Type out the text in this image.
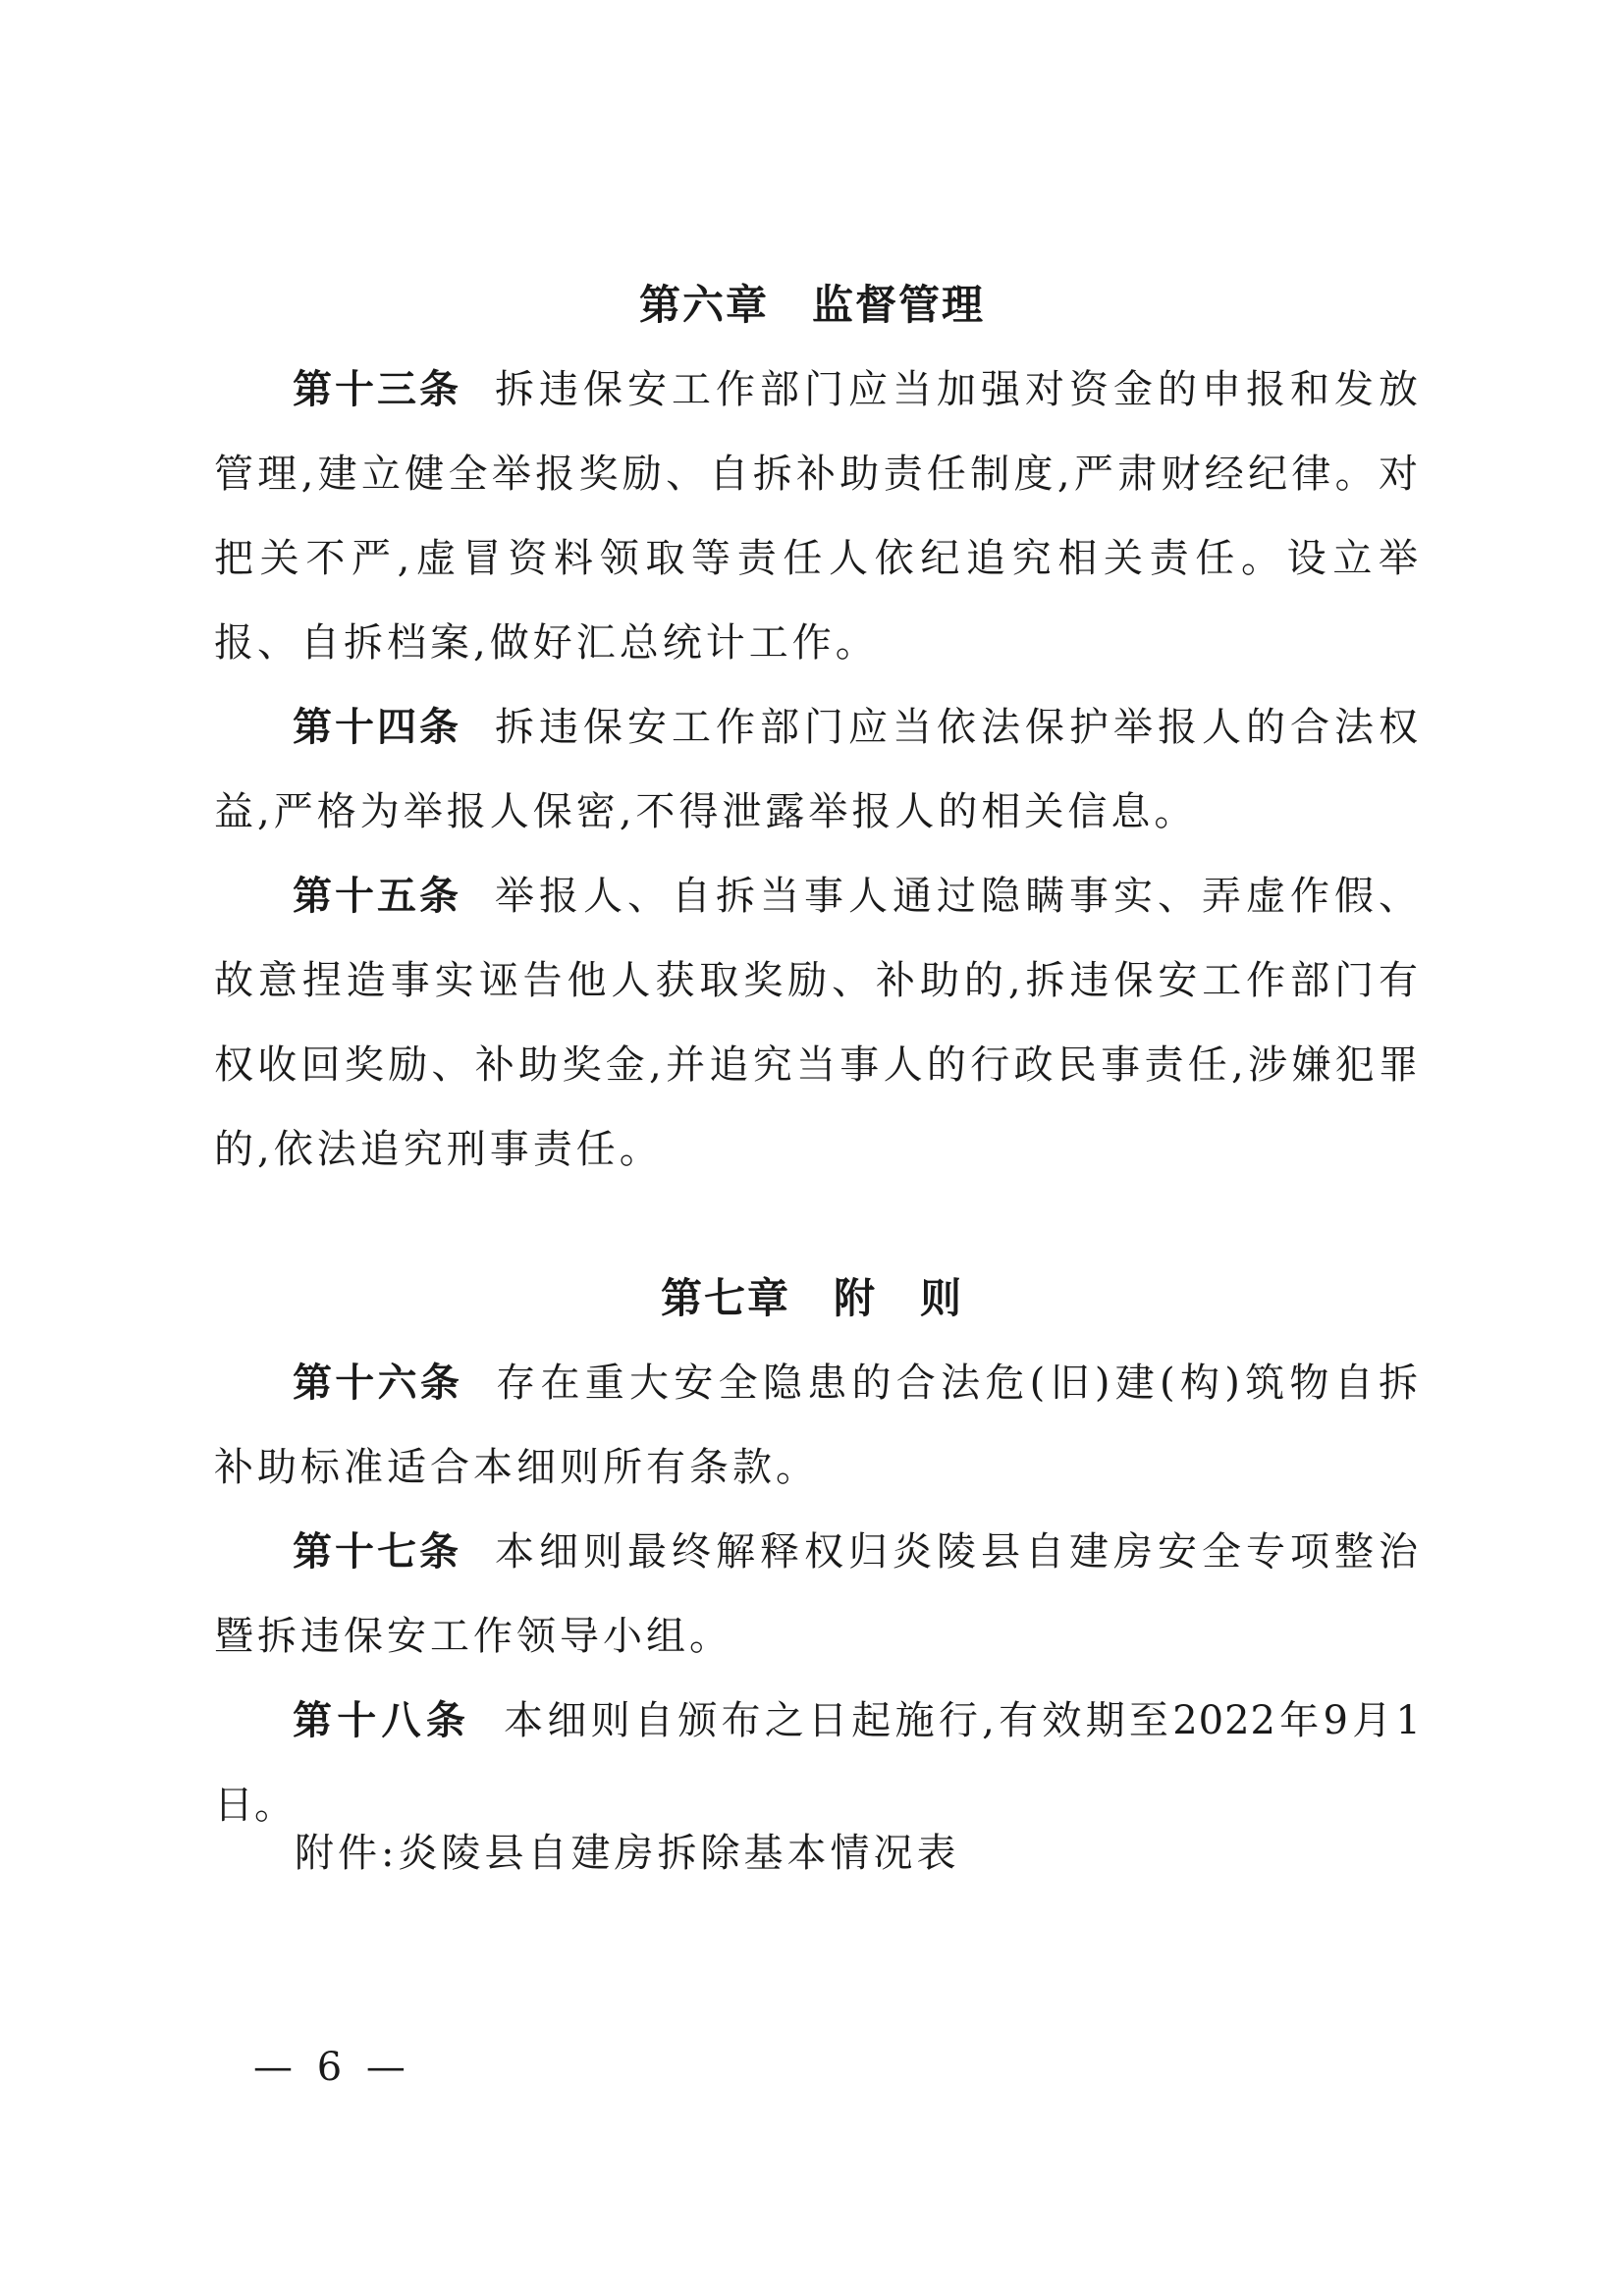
第六章　监督管理
第十三条 拆违保安工作部门应当加强对资金的申报和发放管理,建立健全举报奖励、自拆补助责任制度,严肃财经纪律。对把关不严,虚冒资料领取等责任人依纪追究相关责任。设立举报、自拆档案,做好汇总统计工作。
第十四条 拆违保安工作部门应当依法保护举报人的合法权益,严格为举报人保密,不得泄露举报人的相关信息。
第十五条 举报人、自拆当事人通过隐瞒事实、弄虚作假、故意捏造事实诬告他人获取奖励、补助的,拆违保安工作部门有权收回奖励、补助奖金,并追究当事人的行政民事责任,涉嫌犯罪的,依法追究刑事责任。
第七章　附　则
第十六条 存在重大安全隐患的合法危(旧)建(构)筑物自拆补助标准适合本细则所有条款。
第十七条 本细则最终解释权归炎陵县自建房安全专项整治暨拆违保安工作领导小组。
第十八条 本细则自颁布之日起施行,有效期至2022年9月1日。
附件:炎陵县自建房拆除基本情况表
— 6 —
